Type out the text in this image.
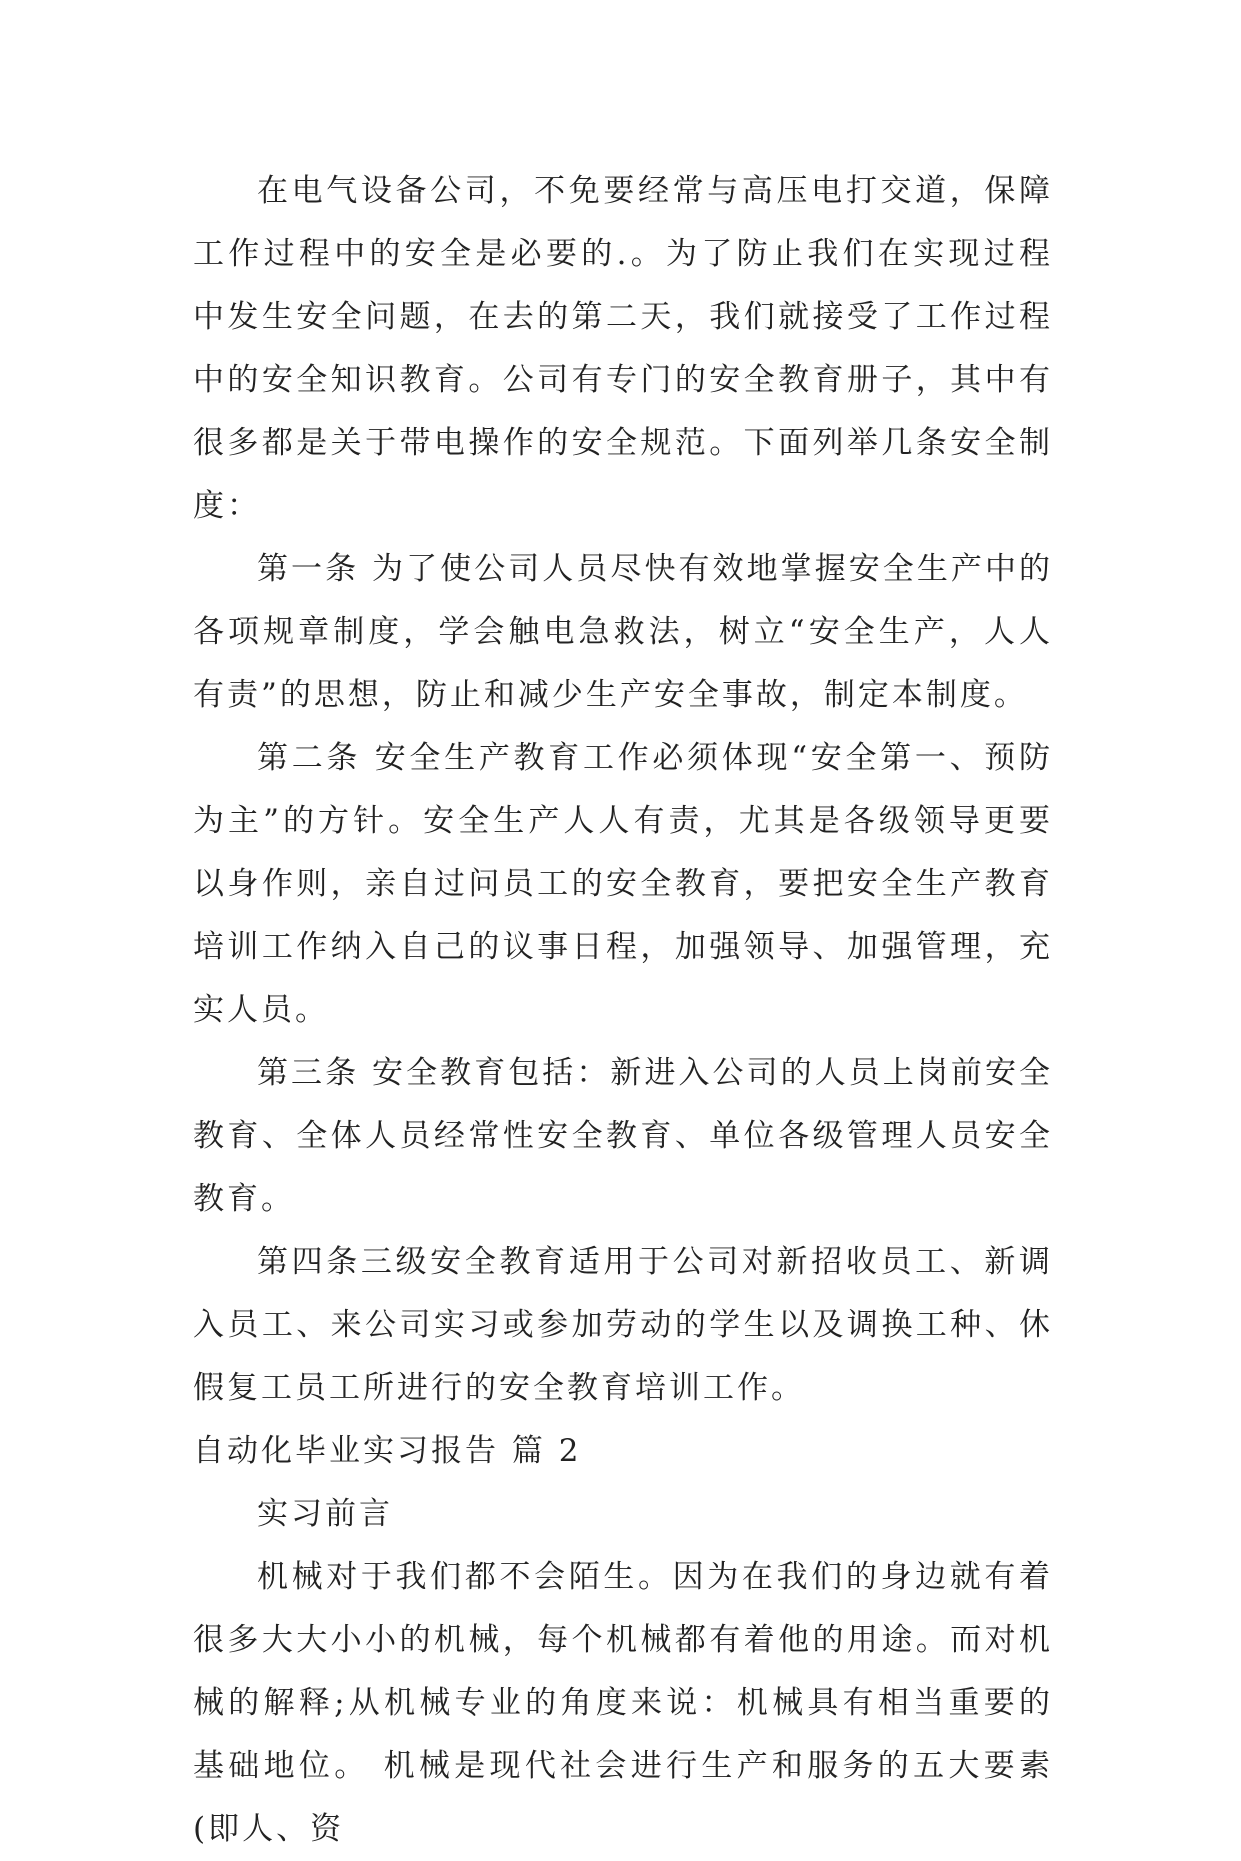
在电气设备公司，不免要经常与高压电打交道，保障工作过程中的安全是必要的.。为了防止我们在实现过程中发生安全问题，在去的第二天，我们就接受了工作过程中的安全知识教育。公司有专门的安全教育册子，其中有很多都是关于带电操作的安全规范。下面列举几条安全制度：

第一条 为了使公司人员尽快有效地掌握安全生产中的各项规章制度，学会触电急救法，树立“安全生产，人人有责”的思想，防止和减少生产安全事故，制定本制度。

第二条 安全生产教育工作必须体现“安全第一、预防为主”的方针。安全生产人人有责，尤其是各级领导更要以身作则，亲自过问员工的安全教育，要把安全生产教育培训工作纳入自己的议事日程，加强领导、加强管理，充实人员。

第三条 安全教育包括：新进入公司的人员上岗前安全教育、全体人员经常性安全教育、单位各级管理人员安全教育。

第四条三级安全教育适用于公司对新招收员工、新调入员工、来公司实习或参加劳动的学生以及调换工种、休假复工员工所进行的安全教育培训工作。

自动化毕业实习报告 篇 2

实习前言

机械对于我们都不会陌生。因为在我们的身边就有着很多大大小小的机械，每个机械都有着他的用途。而对机械的解释;从机械专业的角度来说：机械具有相当重要的基础地位。 机械是现代社会进行生产和服务的五大要素(即人、资
